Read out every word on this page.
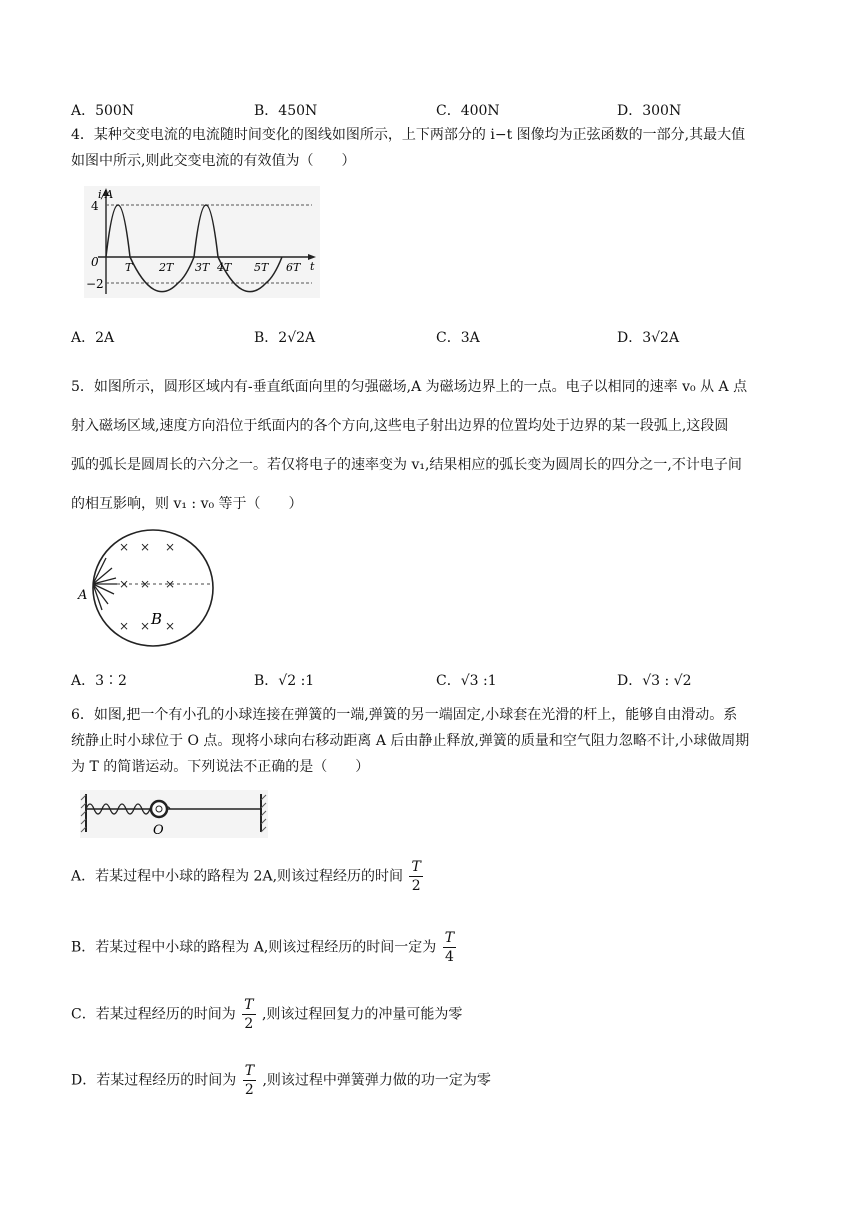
A．500N	B．450N	C．400N	D．300N
4．某种交变电流的电流随时间变化的图线如图所示，上下两部分的 i−t 图像均为正弦函数的一部分,其最大值
如图中所示,则此交变电流的有效值为（　　）
i/A
4
0
−2
T 2T 3T 4T 5T 6T t
A．2A	B．2√2A	C．3A	D．3√2A
5．如图所示，圆形区域内有-垂直纸面向里的匀强磁场,A 为磁场边界上的一点。电子以相同的速率 v₀ 从 A 点
射入磁场区域,速度方向沿位于纸面内的各个方向,这些电子射出边界的位置均处于边界的某一段弧上,这段圆
弧的弧长是圆周长的六分之一。若仅将电子的速率变为 v₁,结果相应的弧长变为圆周长的四分之一,不计电子间
的相互影响，则 v₁ : v₀ 等于（　　）
× × ×
× × ×
× × ×
A
B
A．3∶2	B．√2 :1	C．√3 :1	D．√3 : √2
6．如图,把一个有小孔的小球连接在弹簧的一端,弹簧的另一端固定,小球套在光滑的杆上，能够自由滑动。系
统静止时小球位于 O 点。现将小球向右移动距离 A 后由静止释放,弹簧的质量和空气阻力忽略不计,小球做周期
为 T 的简谐运动。下列说法不正确的是（　　）
O
A．若某过程中小球的路程为 2A,则该过程经历的时间 $\frac{T}{2}$
B．若某过程中小球的路程为 A,则该过程经历的时间一定为 $\frac{T}{4}$
C．若某过程经历的时间为 $\frac{T}{2}$ ,则该过程回复力的冲量可能为零
D．若某过程经历的时间为 $\frac{T}{2}$ ,则该过程中弹簧弹力做的功一定为零
